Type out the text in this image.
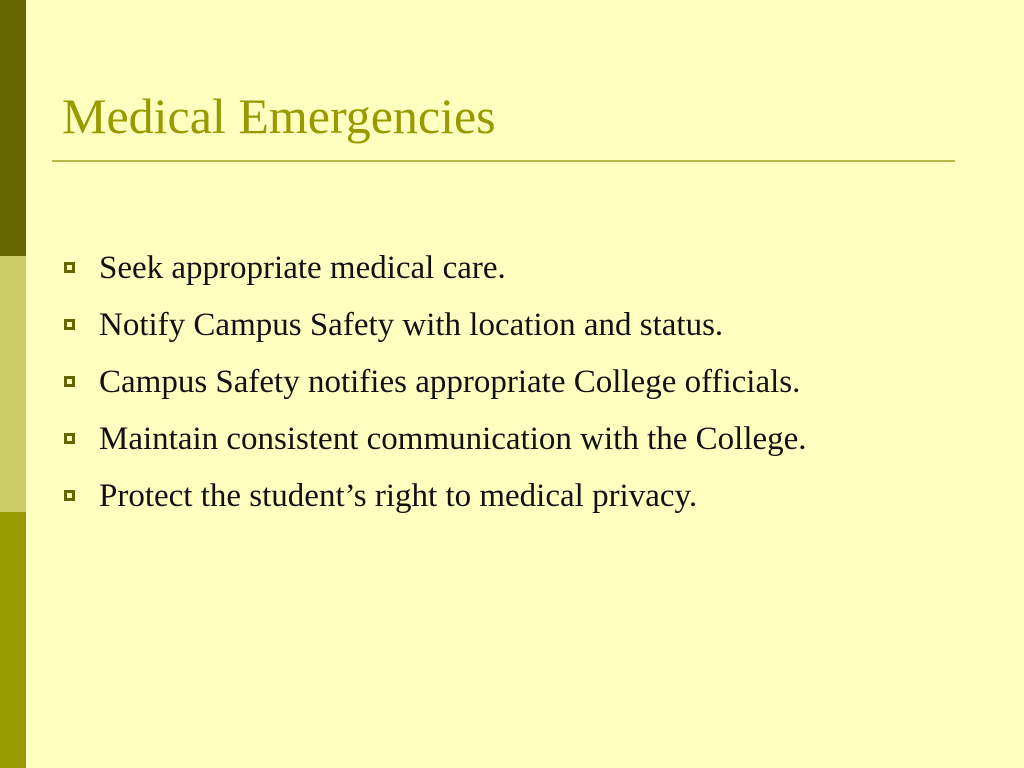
Medical Emergencies
Seek appropriate medical care.
Notify Campus Safety with location and status.
Campus Safety notifies appropriate College officials.
Maintain consistent communication with the College.
Protect the student’s right to medical privacy.
